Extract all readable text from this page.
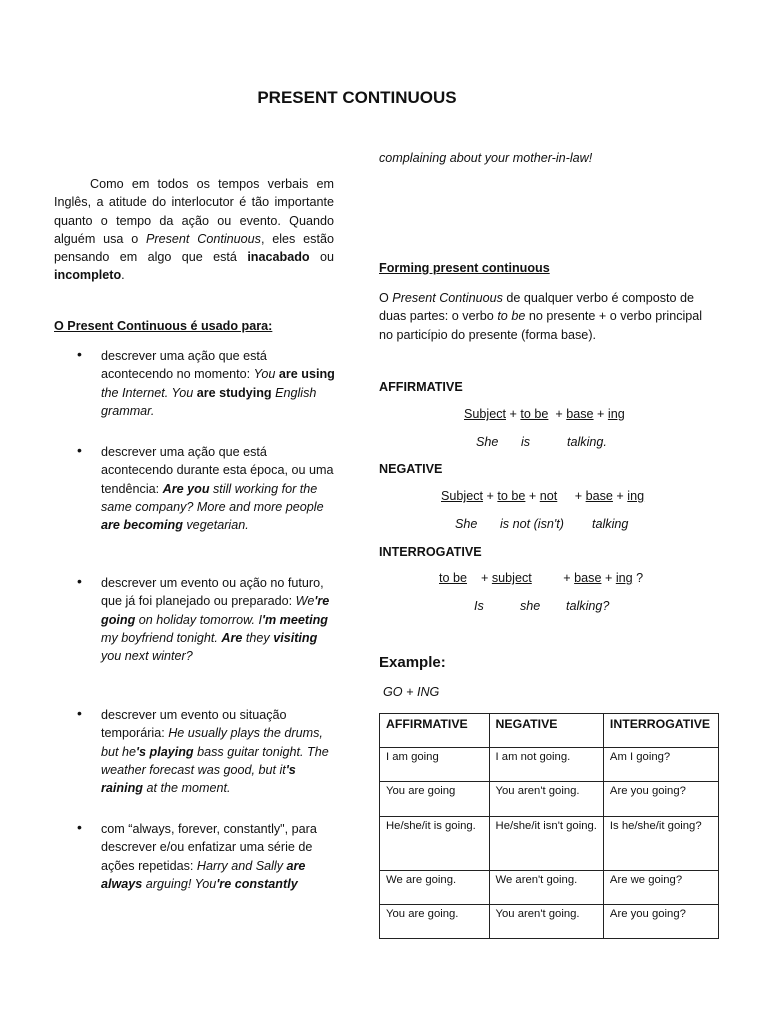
PRESENT CONTINUOUS
Como em todos os tempos verbais em Inglês, a atitude do interlocutor é tão importante quanto o tempo da ação ou evento. Quando alguém usa o Present Continuous, eles estão pensando em algo que está inacabado ou incompleto.
O Present Continuous é usado para:
• descrever uma ação que está acontecendo no momento: You are using the Internet. You are studying English grammar.
• descrever uma ação que está acontecendo durante esta época, ou uma tendência: Are you still working for the same company? More and more people are becoming vegetarian.
• descrever um evento ou ação no futuro, que já foi planejado ou preparado: We're going on holiday tomorrow. I'm meeting my boyfriend tonight. Are they visiting you next winter?
• descrever um evento ou situação temporária: He usually plays the drums, but he's playing bass guitar tonight. The weather forecast was good, but it's raining at the moment.
• com “always, forever, constantly", para descrever e/ou enfatizar uma série de ações repetidas: Harry and Sally are always arguing! You're constantly
complaining about your mother-in-law!
Forming present continuous
O Present Continuous de qualquer verbo é composto de duas partes: o verbo to be no presente + o verbo principal no particípio do presente (forma base).
AFFIRMATIVE
Subject + to be  + base + ing
She is	talking.
NEGATIVE
Subject + to be + not     + base + ing
She is not (isn't) talking
INTERROGATIVE
to be    + subject         + base + ing ?
Is	she talking?
Example:
GO + ING
AFFIRMATIVE	NEGATIVE	INTERROGATIVE
I am going	I am not going.	Am I going?
You are going	You aren't going.	Are you going?
He/she/it is going.	He/she/it isn't going.	Is he/she/it going?
We are going.	We aren't going.	Are we going?
You are going.	You aren't going.	Are you going?
